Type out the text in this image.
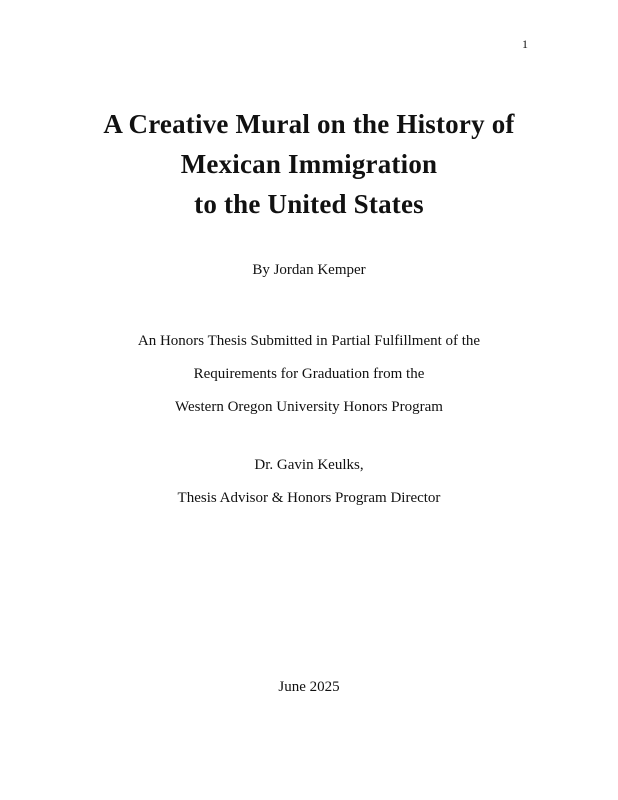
1
A Creative Mural on the History of
Mexican Immigration
to the United States

By Jordan Kemper

An Honors Thesis Submitted in Partial Fulfillment of the
Requirements for Graduation from the
Western Oregon University Honors Program
Dr. Gavin Keulks,
Thesis Advisor & Honors Program Director

June 2025
